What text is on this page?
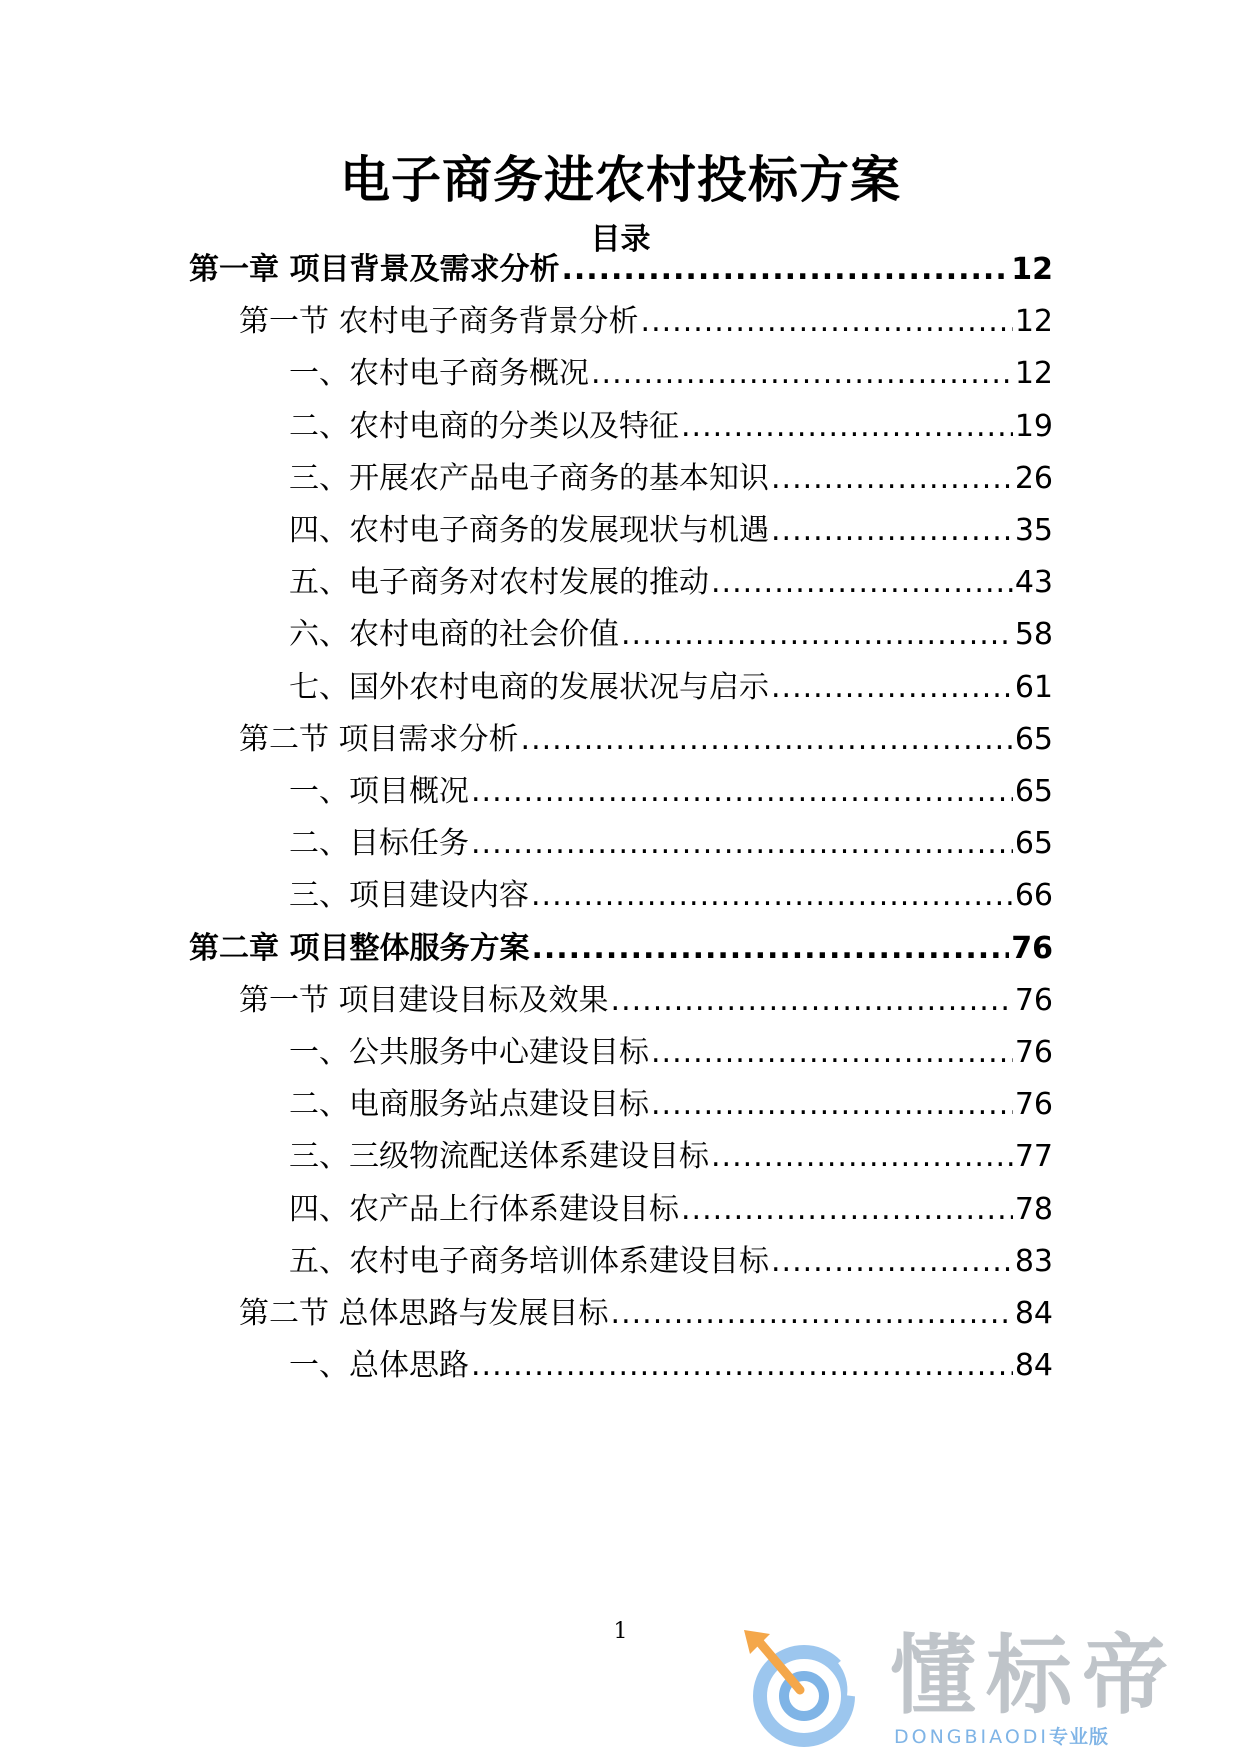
电子商务进农村投标方案
目录
第一章 项目背景及需求分析 .....	12
第一节 农村电子商务背景分析 .....	12
一、农村电子商务概况 .....	12
二、农村电商的分类以及特征 .....	19
三、开展农产品电子商务的基本知识 .....	26
四、农村电子商务的发展现状与机遇 .....	35
五、电子商务对农村发展的推动 .....	43
六、农村电商的社会价值 .....	58
七、国外农村电商的发展状况与启示 .....	61
第二节 项目需求分析 .....	65
一、项目概况 .....	65
二、目标任务 .....	65
三、项目建设内容 .....	66
第二章 项目整体服务方案 .....	76
第一节 项目建设目标及效果 .....	76
一、公共服务中心建设目标 .....	76
二、电商服务站点建设目标 .....	76
三、三级物流配送体系建设目标 .....	77
四、农产品上行体系建设目标 .....	78
五、农村电子商务培训体系建设目标 .....	83
第二节 总体思路与发展目标 .....	84
一、总体思路 .....	84
1	懂标帝
DONGBIAODI专业版
